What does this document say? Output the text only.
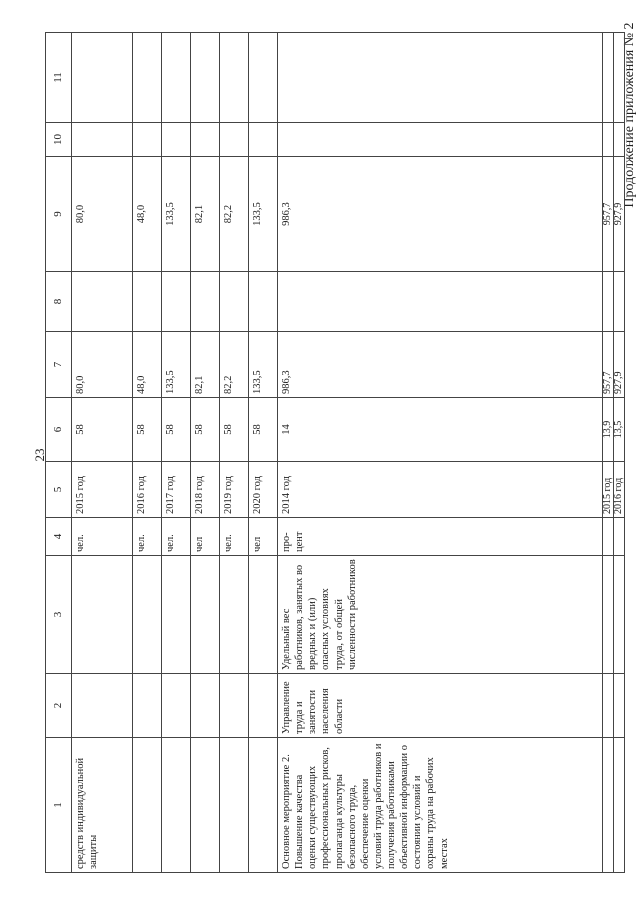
23
Продолжение приложения № 2
1	2	3	4	5	6	7	8	9	10	11
средств индивидуальной защиты			чел.	2015 год	58	80,0		80,0		
			чел.	2016 год	58	48,0		48,0		
			чел.	2017 год	58	133,5		133,5		
			чел	2018 год	58	82,1		82,1		
			чел.	2019 год	58	82,2		82,2		
			чел	2020 год	58	133,5		133,5		
Основное мероприятие 2. Повышение качества оценки существующих профессиональных рисков, пропаганда культуры безопасного труда, обеспечение оценки условий труда работников и получения работниками объективной информации о состоянии условий и охраны труда на рабочих местах	Управление труда и занятости населения области	Удельный вес работников, занятых во вредных и (или) опасных условиях труда, от общей численности работников	про-цент	2014 год	14	986,3		986,3		
				2015 год	13,9	957,7		957,7		
				2016 год	13,5	927,9		927,9		
